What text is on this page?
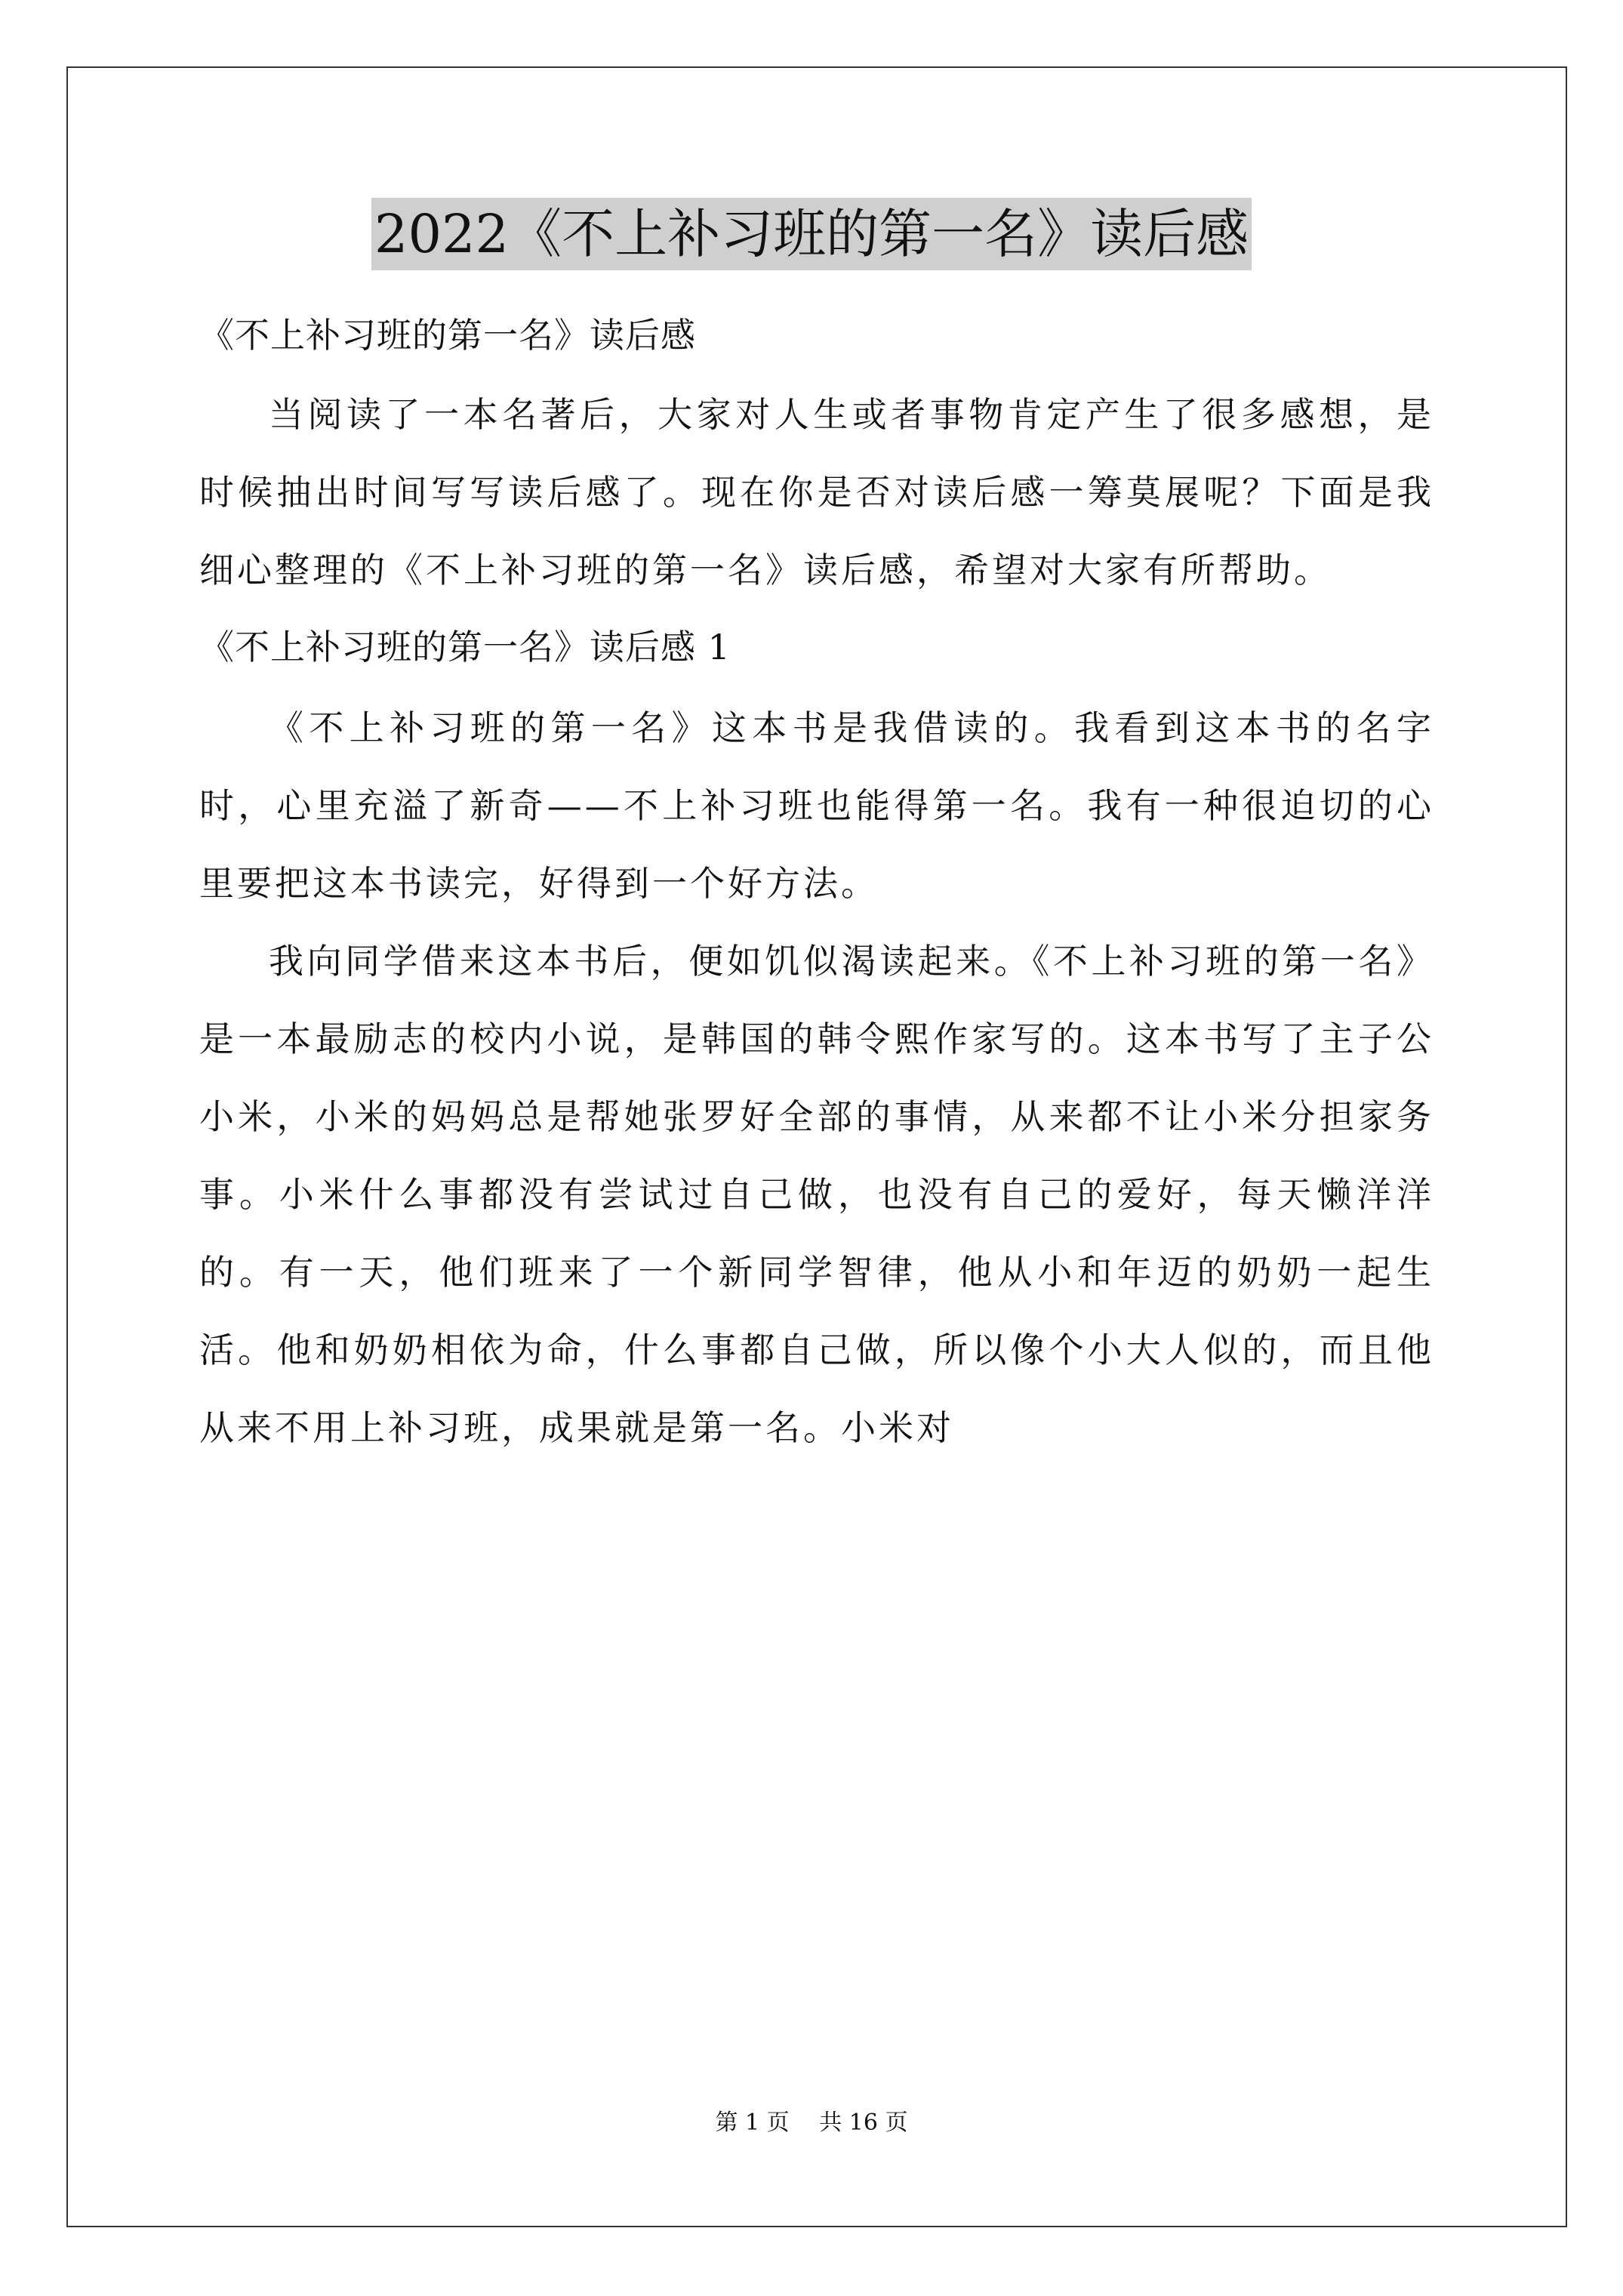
2022《不上补习班的第一名》读后感

《不上补习班的第一名》读后感

当阅读了一本名著后，大家对人生或者事物肯定产生了很多感想，是时候抽出时间写写读后感了。现在你是否对读后感一筹莫展呢？下面是我细心整理的《不上补习班的第一名》读后感，希望对大家有所帮助。

《不上补习班的第一名》读后感 1

《不上补习班的第一名》这本书是我借读的。我看到这本书的名字时，心里充溢了新奇——不上补习班也能得第一名。我有一种很迫切的心里要把这本书读完，好得到一个好方法。

我向同学借来这本书后，便如饥似渴读起来。《不上补习班的第一名》是一本最励志的校内小说，是韩国的韩令熙作家写的。这本书写了主子公小米，小米的妈妈总是帮她张罗好全部的事情，从来都不让小米分担家务事。小米什么事都没有尝试过自己做，也没有自己的爱好，每天懒洋洋的。有一天，他们班来了一个新同学智律，他从小和年迈的奶奶一起生活。他和奶奶相依为命，什么事都自己做，所以像个小大人似的，而且他从来不用上补习班，成果就是第一名。小米对

第 1 页　 共 16 页
